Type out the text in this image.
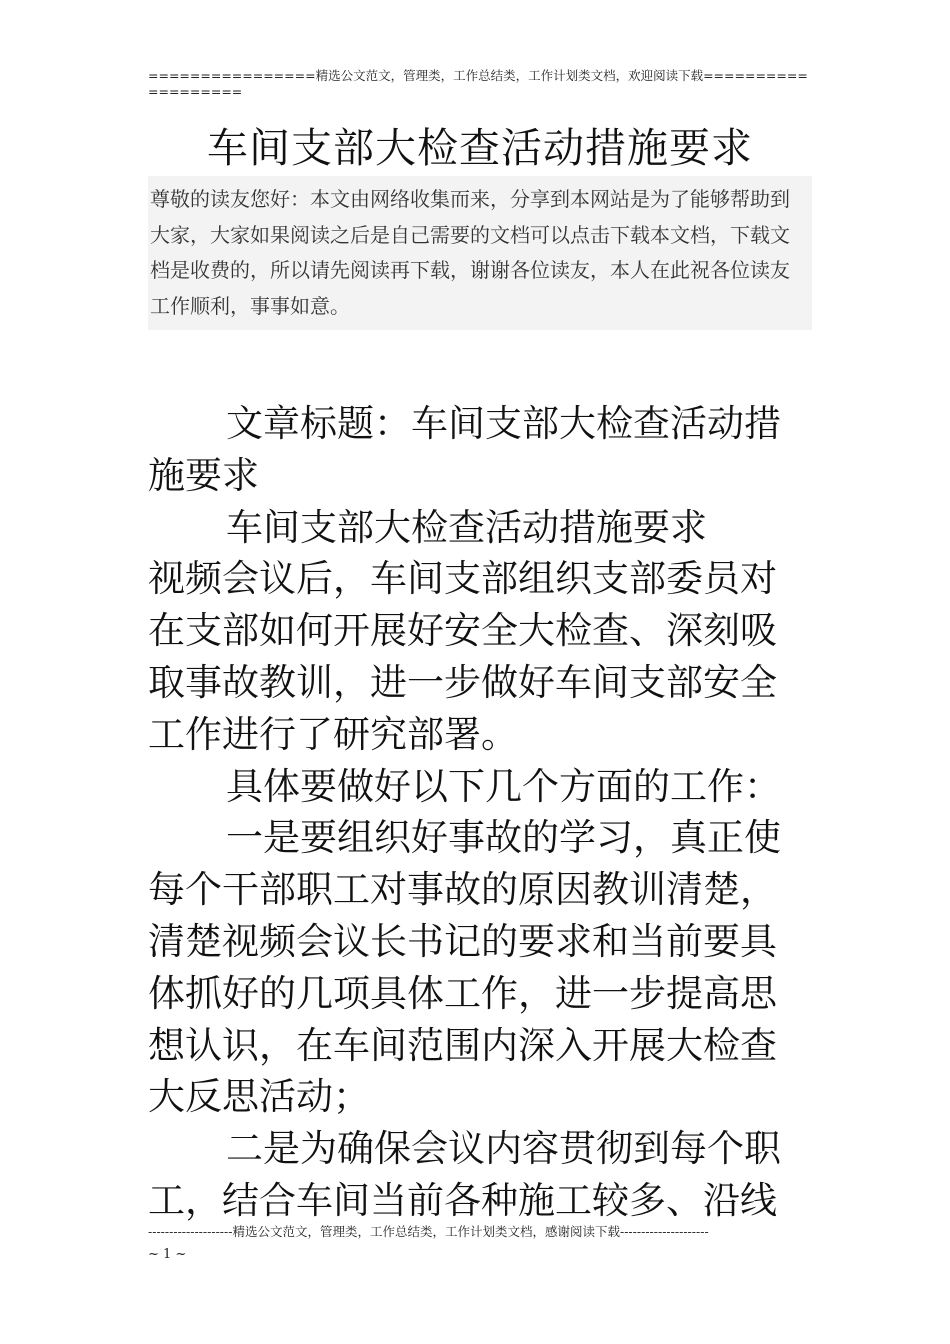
================精选公文范文，管理类，工作总结类，工作计划类文档，欢迎阅读下载===================
车间支部大检查活动措施要求
尊敬的读友您好：本文由网络收集而来，分享到本网站是为了能够帮助到大家，大家如果阅读之后是自己需要的文档可以点击下载本文档，下载文档是收费的，所以请先阅读再下载，谢谢各位读友，本人在此祝各位读友工作顺利，事事如意。

文章标题：车间支部大检查活动措施要求

车间支部大检查活动措施要求

视频会议后，车间支部组织支部委员对在支部如何开展好安全大检查、深刻吸取事故教训，进一步做好车间支部安全工作进行了研究部署。

具体要做好以下几个方面的工作：

一是要组织好事故的学习，真正使每个干部职工对事故的原因教训清楚，清楚视频会议长书记的要求和当前要具体抓好的几项具体工作，进一步提高思想认识，在车间范围内深入开展大检查大反思活动；

二是为确保会议内容贯彻到每个职工，结合车间当前各种施工较多、沿线

--------------------精选公文范文，管理类，工作总结类，工作计划类文档，感谢阅读下载---------------------
~ 1 ~
